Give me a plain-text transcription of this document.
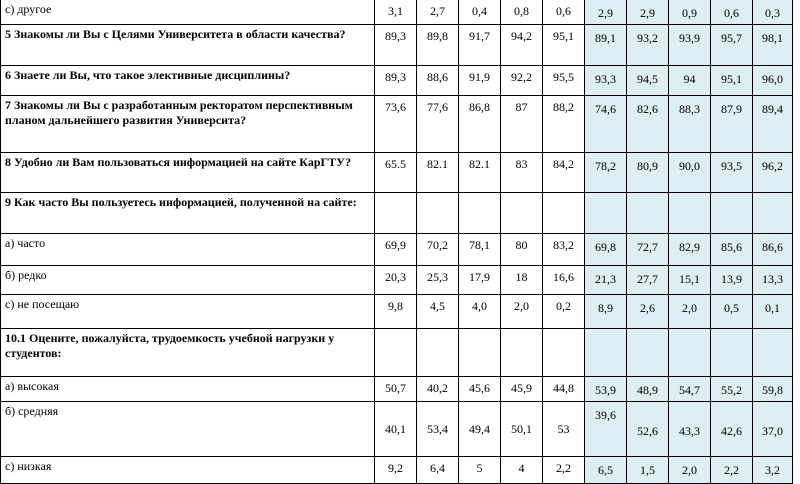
с) другое	3,1	2,7	0,4	0,8	0,6	2,9	2,9	0,9	0,6	0,3
5 Знакомы ли Вы с Целями Университета в области качества?	89,3	89,8	91,7	94,2	95,1	89,1	93,2	93,9	95,7	98,1
6 Знаете ли Вы, что такое элективные дисциплины?	89,3	88,6	91,9	92,2	95,5	93,3	94,5	94	95,1	96,0
7 Знакомы ли Вы с разработанным ректоратом перспективным планом дальнейшего развития Университа?	73,6	77,6	86,8	87	88,2	74,6	82,6	88,3	87,9	89,4
8 Удобно ли Вам пользоваться информацией на сайте КарГТУ?	65.5	82.1	82.1	83	84,2	78,2	80,9	90,0	93,5	96,2
9 Как часто Вы пользуетесь информацией, полученной на сайте:										
а) часто	69,9	70,2	78,1	80	83,2	69,8	72,7	82,9	85,6	86,6
б) редко	20,3	25,3	17,9	18	16,6	21,3	27,7	15,1	13,9	13,3
с) не посещаю	9,8	4,5	4,0	2,0	0,2	8,9	2,6	2,0	0,5	0,1
10.1 Оцените, пожалуйста, трудоемкость учебной нагрузки у студентов:										
а) высокая	50,7	40,2	45,6	45,9	44,8	53,9	48,9	54,7	55,2	59,8
б) средняя	40,1	53,4	49,4	50,1	53	39,6	52,6	43,3	42,6	37,0
с) низкая	9,2	6,4	5	4	2,2	6,5	1,5	2,0	2,2	3,2
